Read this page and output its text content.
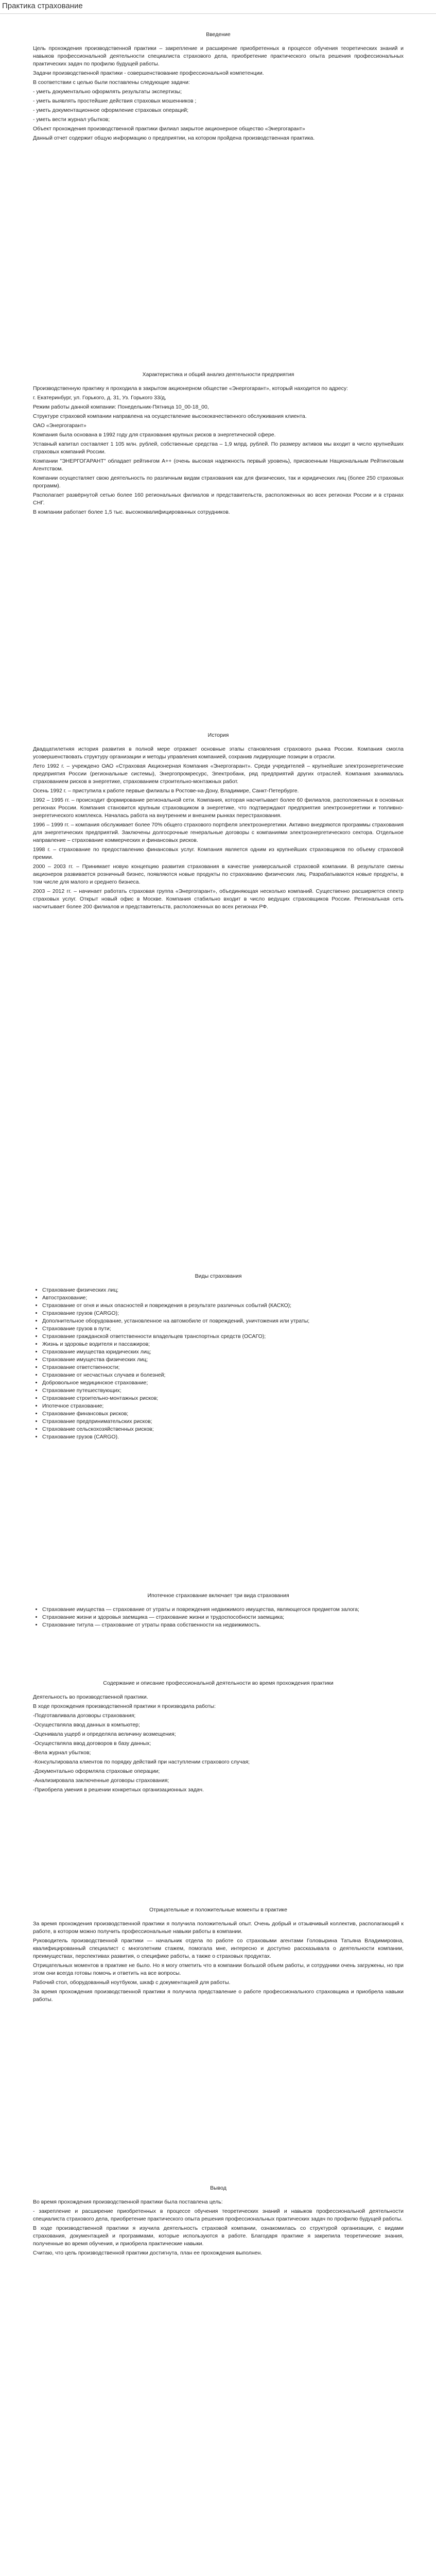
Практика страхование
Введение

Цель прохождения производственной практики – закрепление и расширение приобретенных в процессе обучения теоретических знаний и навыков профессиональной деятельности специалиста страхового дела, приобретение практического опыта решения профессиональных практических задач по профилю будущей работы.

Задачи производственной практики - совершенствование профессиональной компетенции.

В соответствии с целью были поставлены следующие задачи:

- уметь документально оформлять результаты экспертизы;

- уметь выявлять простейшие действия страховых мошенников ;

- уметь документационное оформление страховых операций;

- уметь вести журнал убытков;

Объект прохождения производственной практики филиал закрытое акционерное общество «Энергогарант»

Данный отчет содержит общую информацию о предприятии, на котором пройдена производственная практика.

Характеристика и общий анализ деятельности предприятия

Производственную практику я проходила в закрытом акционерном обществе «Энергогарант», который находится по адресу:

г. Екатеринбург, ул. Горького, д. 31, Уз. Горького 33/д,

Режим работы данной компании: Понедельник-Пятница 10_00-18_00,

Структуре страховой компании направлена на осуществление высококачественного обслуживания клиента.

ОАО «Энергогарант»

Компания была основана в 1992 году для страхования крупных рисков в энергетической сфере.

Уставный капитал составляет 1 105 млн. рублей, собственные средства – 1,9 млрд. рублей. По размеру активов мы входит в число крупнейших страховых компаний России.

Компании "ЭНЕРГОГАРАНТ" обладает рейтингом А++ (очень высокая надежность первый уровень), присвоенным Национальным Рейтинговым Агентством.

Компании осуществляет свою деятельность по различным видам страхования как для физических, так и юридических лиц (более 250 страховых программ).

Располагает развёрнутой сетью более 160 региональных филиалов и представительств, расположенных во всех регионах России и в странах СНГ.

В компании работает более 1,5 тыс. высококвалифицированных сотрудников.

История

Двадцатилетняя история развития в полной мере отражает основные этапы становления страхового рынка России. Компания смогла усовершенствовать структуру организации и методы управления компанией, сохранив лидирующие позиции в отрасли.

Лето 1992 г. – учреждено ОАО «Страховая Акционерная Компания «Энергогарант». Среди учредителей – крупнейшие электроэнергетические предприятия России (региональные системы), Энергопромресурс, Электробанк, ряд предприятий других отраслей. Компания занималась страхованием рисков в энергетике, страхованием строительно-монтажных работ.

Осень 1992 г. – приступила к работе первые филиалы в Ростове-на-Дону, Владимире, Санкт-Петербурге.

1992 – 1995 гг. – происходит формирование региональной сети. Компания, которая насчитывает более 60 филиалов, расположенных в основных регионах России. Компания становится крупным страховщиком в энергетике, что подтверждают предприятия электроэнергетики и топливно-энергетического комплекса. Началась работа на внутреннем и внешнем рынках перестрахования.

1996 – 1999 гг. – компания обслуживает более 70% общего страхового портфеля электроэнергетики. Активно внедряются программы страхования для энергетических предприятий. Заключены долгосрочные генеральные договоры с компаниями электроэнергетического сектора. Отдельное направление – страхование коммерческих и финансовых рисков.

1998 г. – страхование по предоставлению финансовых услуг. Компания является одним из крупнейших страховщиков по объему страховой премии.

2000 – 2003 гг. – Принимает новую концепцию развития страхования в качестве универсальной страховой компании. В результате смены акционеров развивается розничный бизнес, появляются новые продукты по страхованию физических лиц. Разрабатываются новые продукты, в том числе для малого и среднего бизнеса.

2003 – 2012 гг. – начинает работать страховая группа «Энергогарант», объединяющая несколько компаний. Существенно расширяется спектр страховых услуг. Открыт новый офис в Москве. Компания стабильно входит в число ведущих страховщиков России. Региональная сеть насчитывает более 200 филиалов и представительств, расположенных во всех регионах РФ.

Виды страхования
• Страхование физических лиц;
• Автострахование;
• Страхование от огня и иных опасностей и повреждения в результате различных событий (КАСКО);
• Страхование грузов (CARGO);
• Дополнительное оборудование, установленное на автомобиле от повреждений, уничтожения или утраты;
• Страхование грузов в пути;
• Страхование гражданской ответственности владельцев транспортных средств (ОСАГО);
• Жизнь и здоровье водителя и пассажиров;
• Страхование имущества юридических лиц;
• Страхование имущества физических лиц;
• Страхование ответственности;
• Страхование от несчастных случаев и болезней;
• Добровольное медицинское страхование;
• Страхование путешествующих;
• Страхование строительно-монтажных рисков;
• Ипотечное страхование;
• Страхование финансовых рисков;
• Страхование предпринимательских рисков;
• Страхование сельскохозяйственных рисков;
• Страхование грузов (CARGO).
Ипотечное страхование включает три вида страхования
• Страхование имущества — страхование от утраты и повреждения недвижимого имущества, являющегося предметом залога;
• Страхование жизни и здоровья заемщика — страхование жизни и трудоспособности заемщика;
• Страхование титула — страхование от утраты права собственности на недвижимость.
Содержание и описание профессиональной деятельности во время прохождения практики

Деятельность во производственной практики.

В ходе прохождения производственной практики я производила работы:

-Подготавливала договоры страхования;

-Осуществляла ввод данных в компьютер;

-Оценивала ущерб и определяла величину возмещения;

-Осуществляла ввод договоров в базу данных;

-Вела журнал убытков;

-Консультировала клиентов по порядку действий при наступлении страхового случая;

-Документально оформляла страховые операции;

-Анализировала заключенные договоры страхования;

-Приобрела умения в решении конкретных организационных задач.

Отрицательные и положительные моменты в практике

За время прохождения производственной практики я получила положительный опыт. Очень добрый и отзывчивый коллектив, располагающий к работе, в котором можно получить профессиональные навыки работы в компании.

Руководитель производственной практики — начальник отдела по работе со страховыми агентами Головырина Татьяна Владимировна, квалифицированный специалист с многолетним стажем, помогала мне, интересно и доступно рассказывала о деятельности компании, преимуществах, перспективах развития, о специфике работы, а также о страховых продуктах.

Отрицательных моментов в практике не было. Но я могу отметить что в компании большой объем работы, и сотрудники очень загружены, но при этом они всегда готовы помочь и ответить на все вопросы.

Рабочий стол, оборудованный ноутбуком, шкаф с документацией для работы.

За время прохождения производственной практики я получила представление о работе профессионального страховщика и приобрела навыки работы.

Вывод

Во время прохождения производственной практики была поставлена цель:

- закрепление и расширение приобретенных в процессе обучения теоретических знаний и навыков профессиональной деятельности специалиста страхового дела, приобретение практического опыта решения профессиональных практических задач по профилю будущей работы.

В ходе производственной практики я изучила деятельность страховой компании, ознакомилась со структурой организации, с видами страхования, документацией и программами, которые используются в работе. Благодаря практике я закрепила теоретические знания, полученные во время обучения, и приобрела практические навыки.

Считаю, что цель производственной практики достигнута, план ее прохождения выполнен.
